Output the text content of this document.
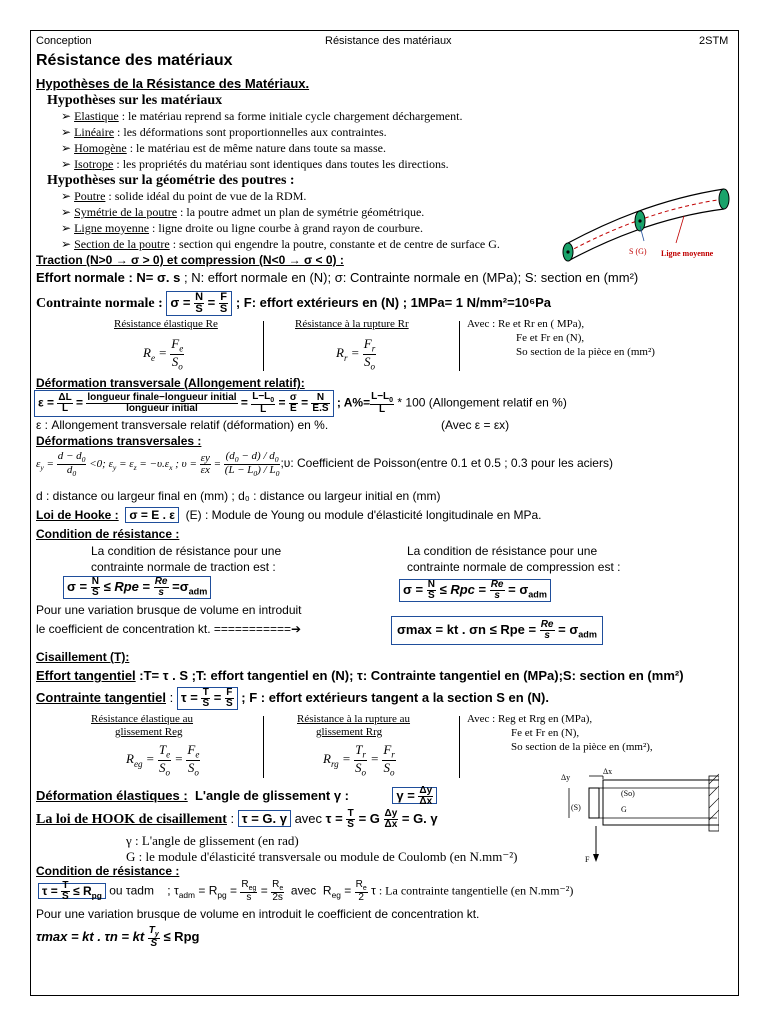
Conception	Résistance des matériaux	2STM
Résistance des matériaux
Hypothèses de la Résistance des Matériaux.
Hypothèses sur les matériaux
➢ Elastique : le matériau reprend sa forme initiale cycle chargement déchargement.
➢ Linéaire : les déformations sont proportionnelles aux contraintes.
➢ Homogène : le matériau est de même nature dans toute sa masse.
➢ Isotrope : les propriétés du matériau sont identiques dans toutes les directions.
Hypothèses sur la géométrie des poutres :
➢ Poutre : solide idéal du point de vue de la RDM.
➢ Symétrie de la poutre : la poutre admet un plan de symétrie géométrique.
➢ Ligne moyenne : ligne droite ou ligne courbe à grand rayon de courbure.
➢ Section de la poutre : section qui engendre la poutre, constante et de centre de surface G.
S (G) Ligne moyenne
Traction (N>0 → σ > 0) et compression (N<0 → σ < 0) :
Effort normale : N= σ. s ; N: effort normale en (N); σ: Contrainte normale en (MPa); S: section en (mm²)
Contrainte normale : $\sigma = \frac{N}{S} = \frac{F}{S}$ ; F: effort extérieurs en (N) ; 1MPa= 1 N/mm²=10⁶Pa
Résistance élastique Re
$R_e = \frac{F_e}{S_o}$
Résistance à la rupture Rr
$R_r = \frac{F_r}{S_o}$
Avec : Re et Rr en ( MPa),
Fe et Fr en (N),
So section de la pièce en (mm²)
Déformation transversale (Allongement relatif):
$\varepsilon = \frac{\Delta L}{L} = \frac{\text{longueur finale−longueur initial}}{\text{longueur initial}} = \frac{L-L_0}{L} = \frac{\sigma}{E} = \frac{N}{E.S}$ ; $A\%= \frac{L-L_0}{L} * 100$ (Allongement relatif en %)
ε : Allongement transversale relatif (déformation) en %.	(Avec ε = εx)
Déformations transversales :
$\varepsilon_y = \frac{d - d_0}{d_0} <0$; $\varepsilon_y = \varepsilon_z = -\upsilon.\varepsilon_x$ ; $\upsilon = \frac{\varepsilon y}{\varepsilon x} = \frac{(d_0 - d) / d_0}{(L - L_0) / L_0}$ ;υ: Coefficient de Poisson(entre 0.1 et 0.5 ; 0.3 pour les aciers)
d : distance ou largeur final en (mm) ; d₀ : distance ou largeur initial en (mm)
Loi de Hooke : σ = E . ε (E) : Module de Young ou module d'élasticité longitudinale en MPa.
Condition de résistance :
La condition de résistance pour une
contrainte normale de traction est :
La condition de résistance pour une
contrainte normale de compression est :
$\sigma = \frac{N}{S}$ ≤ Rpe = $\frac{Re}{s} =\sigma_{adm}$	$\sigma = \frac{N}{S}$ ≤ Rpc = $\frac{Re}{s} = \sigma_{adm}$
Pour une variation brusque de volume en introduit
le coefficient de concentration kt. ===========➔	σmax = kt . σn ≤ Rpe = $\frac{Re}{s} = \sigma_{adm}$
Cisaillement (T):
Effort tangentiel :T= τ . S ;T: effort tangentiel en (N); τ: Contrainte tangentiel en (MPa);S: section en (mm²)
Contrainte tangentiel : $\tau = \frac{T}{S} = \frac{F}{S}$ ; F : effort extérieurs tangent a la section S en (N).
Résistance élastique au
glissement Reg
$R_{eg} = \frac{T_e}{S_o} = \frac{F_e}{S_o}$
Résistance à la rupture au
glissement Rrg
$R_{rg} = \frac{T_r}{S_o} = \frac{F_r}{S_o}$
Avec : Reg et Rrg en (MPa),
Fe et Fr en (N),
So section de la pièce en (mm²),
(S)
(So)
G
Δy
Δx
F
Déformation élastiques : L'angle de glissement γ :	$\gamma = \frac{\Delta y}{\Delta x}$
La loi de HOOK de cisaillement : τ = G. γ avec $\tau = \frac{T}{S} = G \frac{\Delta y}{\Delta x} = G$. γ
γ : L'angle de glissement (en rad)
G : le module d'élasticité transversale ou module de Coulomb (en N.mm⁻²)
Condition de résistance :
$\tau = \frac{T}{S} \le R_{pg}$ ou τadm    ; $\tau_{adm} = R_{pg} = \frac{R_{eg}}{s} = \frac{R_e}{2s}$ avec  $R_{eg} = \frac{R_e}{2}$ τ : La contrainte tangentielle (en N.mm⁻²)
Pour une variation brusque de volume en introduit le coefficient de concentration kt.
τmax = kt . τn = kt $\frac{T_y}{S}$ ≤ Rpg
